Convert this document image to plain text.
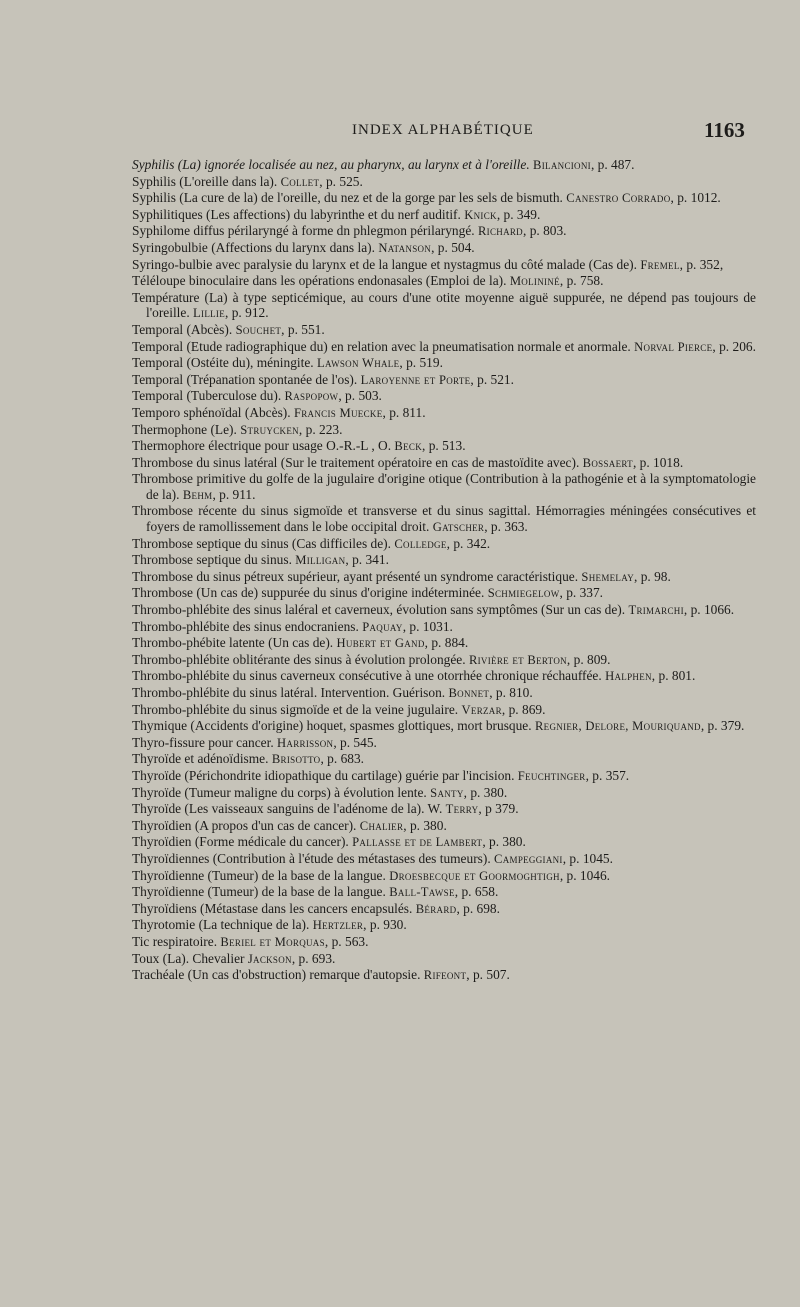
INDEX ALPHABÉTIQUE	1163

Syphilis (La) ignorée localisée au nez, au pharynx, au larynx et à l'oreille. Bilancioni, p. 487.

Syphilis (L'oreille dans la). Collet, p. 525.

Syphilis (La cure de la) de l'oreille, du nez et de la gorge par les sels de bismuth. Canestro Corrado, p. 1012.

Syphilitiques (Les affections) du labyrinthe et du nerf auditif. Knick, p. 349.

Syphilome diffus périlaryngé à forme dn phlegmon périlaryngé. Richard, p. 803.

Syringobulbie (Affections du larynx dans la). Natanson, p. 504.

Syringo-bulbie avec paralysie du larynx et de la langue et nystagmus du côté malade (Cas de). Fremel, p. 352,

Téléloupe binoculaire dans les opérations endonasales (Emploi de la). Molininé, p. 758.

Température (La) à type septicémique, au cours d'une otite moyenne aiguë suppurée, ne dépend pas toujours de l'oreille. Lillie, p. 912.

Temporal (Abcès). Souchet, p. 551.

Temporal (Etude radiographique du) en relation avec la pneumatisation normale et anormale. Norval Pierce, p. 206.

Temporal (Ostéite du), méningite. Lawson Whale, p. 519.

Temporal (Trépanation spontanée de l'os). Laroyenne et Porte, p. 521.

Temporal (Tuberculose du). Raspopow, p. 503.

Temporo sphénoïdal (Abcès). Francis Muecke, p. 811.

Thermophone (Le). Struycken, p. 223.

Thermophore électrique pour usage O.-R.-L , O. Beck, p. 513.

Thrombose du sinus latéral (Sur le traitement opératoire en cas de mastoïdite avec). Bossaert, p. 1018.

Thrombose primitive du golfe de la jugulaire d'origine otique (Contribution à la pathogénie et à la symptomatologie de la). Behm, p. 911.

Thrombose récente du sinus sigmoïde et transverse et du sinus sagittal. Hémorragies méningées consécutives et foyers de ramollissement dans le lobe occipital droit. Gatscher, p. 363.

Thrombose septique du sinus (Cas difficiles de). Colledge, p. 342.

Thrombose septique du sinus. Milligan, p. 341.

Thrombose du sinus pétreux supérieur, ayant présenté un syndrome caractéristique. Shemelay, p. 98.

Thrombose (Un cas de) suppurée du sinus d'origine indéterminée. Schmiegelow, p. 337.

Thrombo-phlébite des sinus laléral et caverneux, évolution sans symptômes (Sur un cas de). Trimarchi, p. 1066.

Thrombo-phlébite des sinus endocraniens. Paquay, p. 1031.

Thrombo-phébite latente (Un cas de). Hubert et Gand, p. 884.

Thrombo-phlébite oblitérante des sinus à évolution prolongée. Rivière et Berton, p. 809.

Thrombo-phlébite du sinus caverneux consécutive à une otorrhée chronique réchauffée. Halphen, p. 801.

Thrombo-phlébite du sinus latéral. Intervention. Guérison. Bonnet, p. 810.

Thrombo-phlébite du sinus sigmoïde et de la veine jugulaire. Verzar, p. 869.

Thymique (Accidents d'origine) hoquet, spasmes glottiques, mort brusque. Regnier, Delore, Mouriquand, p. 379.

Thyro-fissure pour cancer. Harrisson, p. 545.

Thyroïde et adénoïdisme. Brisotto, p. 683.

Thyroïde (Périchondrite idiopathique du cartilage) guérie par l'incision. Feuchtinger, p. 357.

Thyroïde (Tumeur maligne du corps) à évolution lente. Santy, p. 380.

Thyroïde (Les vaisseaux sanguins de l'adénome de la). W. Terry, p 379.

Thyroïdien (A propos d'un cas de cancer). Chalier, p. 380.

Thyroïdien (Forme médicale du cancer). Pallasse et de Lambert, p. 380.

Thyroïdiennes (Contribution à l'étude des métastases des tumeurs). Campeggiani, p. 1045.

Thyroïdienne (Tumeur) de la base de la langue. Droesbecque et Goormoghtigh, p. 1046.

Thyroïdienne (Tumeur) de la base de la langue. Ball-Tawse, p. 658.

Thyroïdiens (Métastase dans les cancers encapsulés. Bérard, p. 698.

Thyrotomie (La technique de la). Hertzler, p. 930.

Tic respiratoire. Beriel et Morquas, p. 563.

Toux (La). Chevalier Jackson, p. 693.

Trachéale (Un cas d'obstruction) remarque d'autopsie. Rifeont, p. 507.
